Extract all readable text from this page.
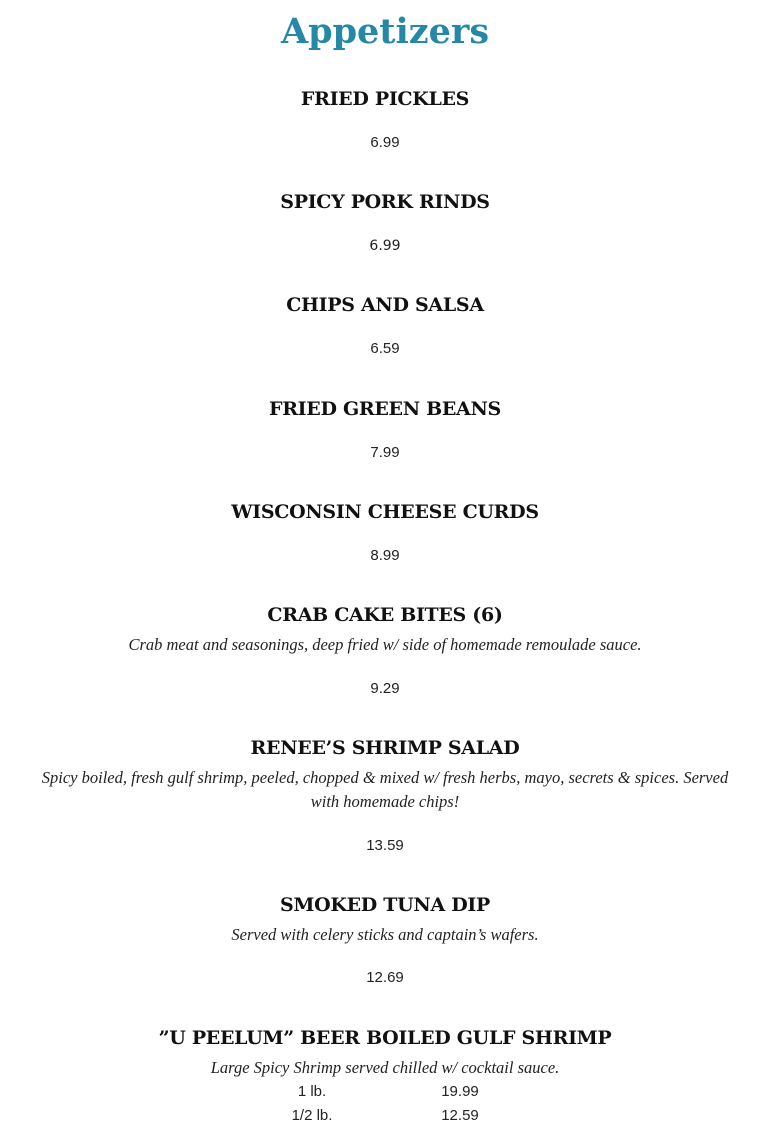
Appetizers
FRIED PICKLES
6.99
SPICY PORK RINDS
6.99
CHIPS AND SALSA
6.59
FRIED GREEN BEANS
7.99
WISCONSIN CHEESE CURDS
8.99
CRAB CAKE BITES (6)
Crab meat and seasonings, deep fried w/ side of homemade remoulade sauce.
9.29
RENEE’S SHRIMP SALAD
Spicy boiled, fresh gulf shrimp, peeled, chopped & mixed w/ fresh herbs, mayo, secrets & spices. Served with homemade chips!
13.59
SMOKED TUNA DIP
Served with celery sticks and captain’s wafers.
12.69
”U PEELUM” BEER BOILED GULF SHRIMP
Large Spicy Shrimp served chilled w/ cocktail sauce.
1 lb.	19.99
1/2 lb.	12.59
